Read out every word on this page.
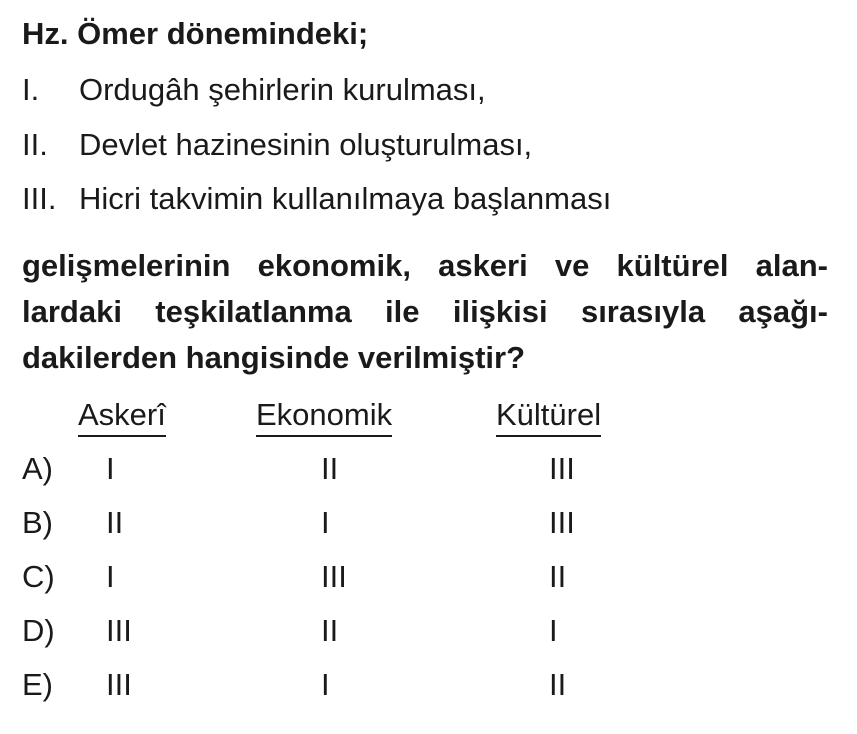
Hz. Ömer dönemindeki;
I. Ordugâh şehirlerin kurulması,
II. Devlet hazinesinin oluşturulması,
III. Hicri takvimin kullanılmaya başlanması
gelişmelerinin ekonomik, askeri ve kültürel alan-
lardaki teşkilatlanma ile ilişkisi sırasıyla aşağı-
dakilerden hangisinde verilmiştir?
Askerî	Ekonomik	Kültürel
A) I	II	III
B) II	I	III
C) I	III	II
D) III	II	I
E) III	I	II
